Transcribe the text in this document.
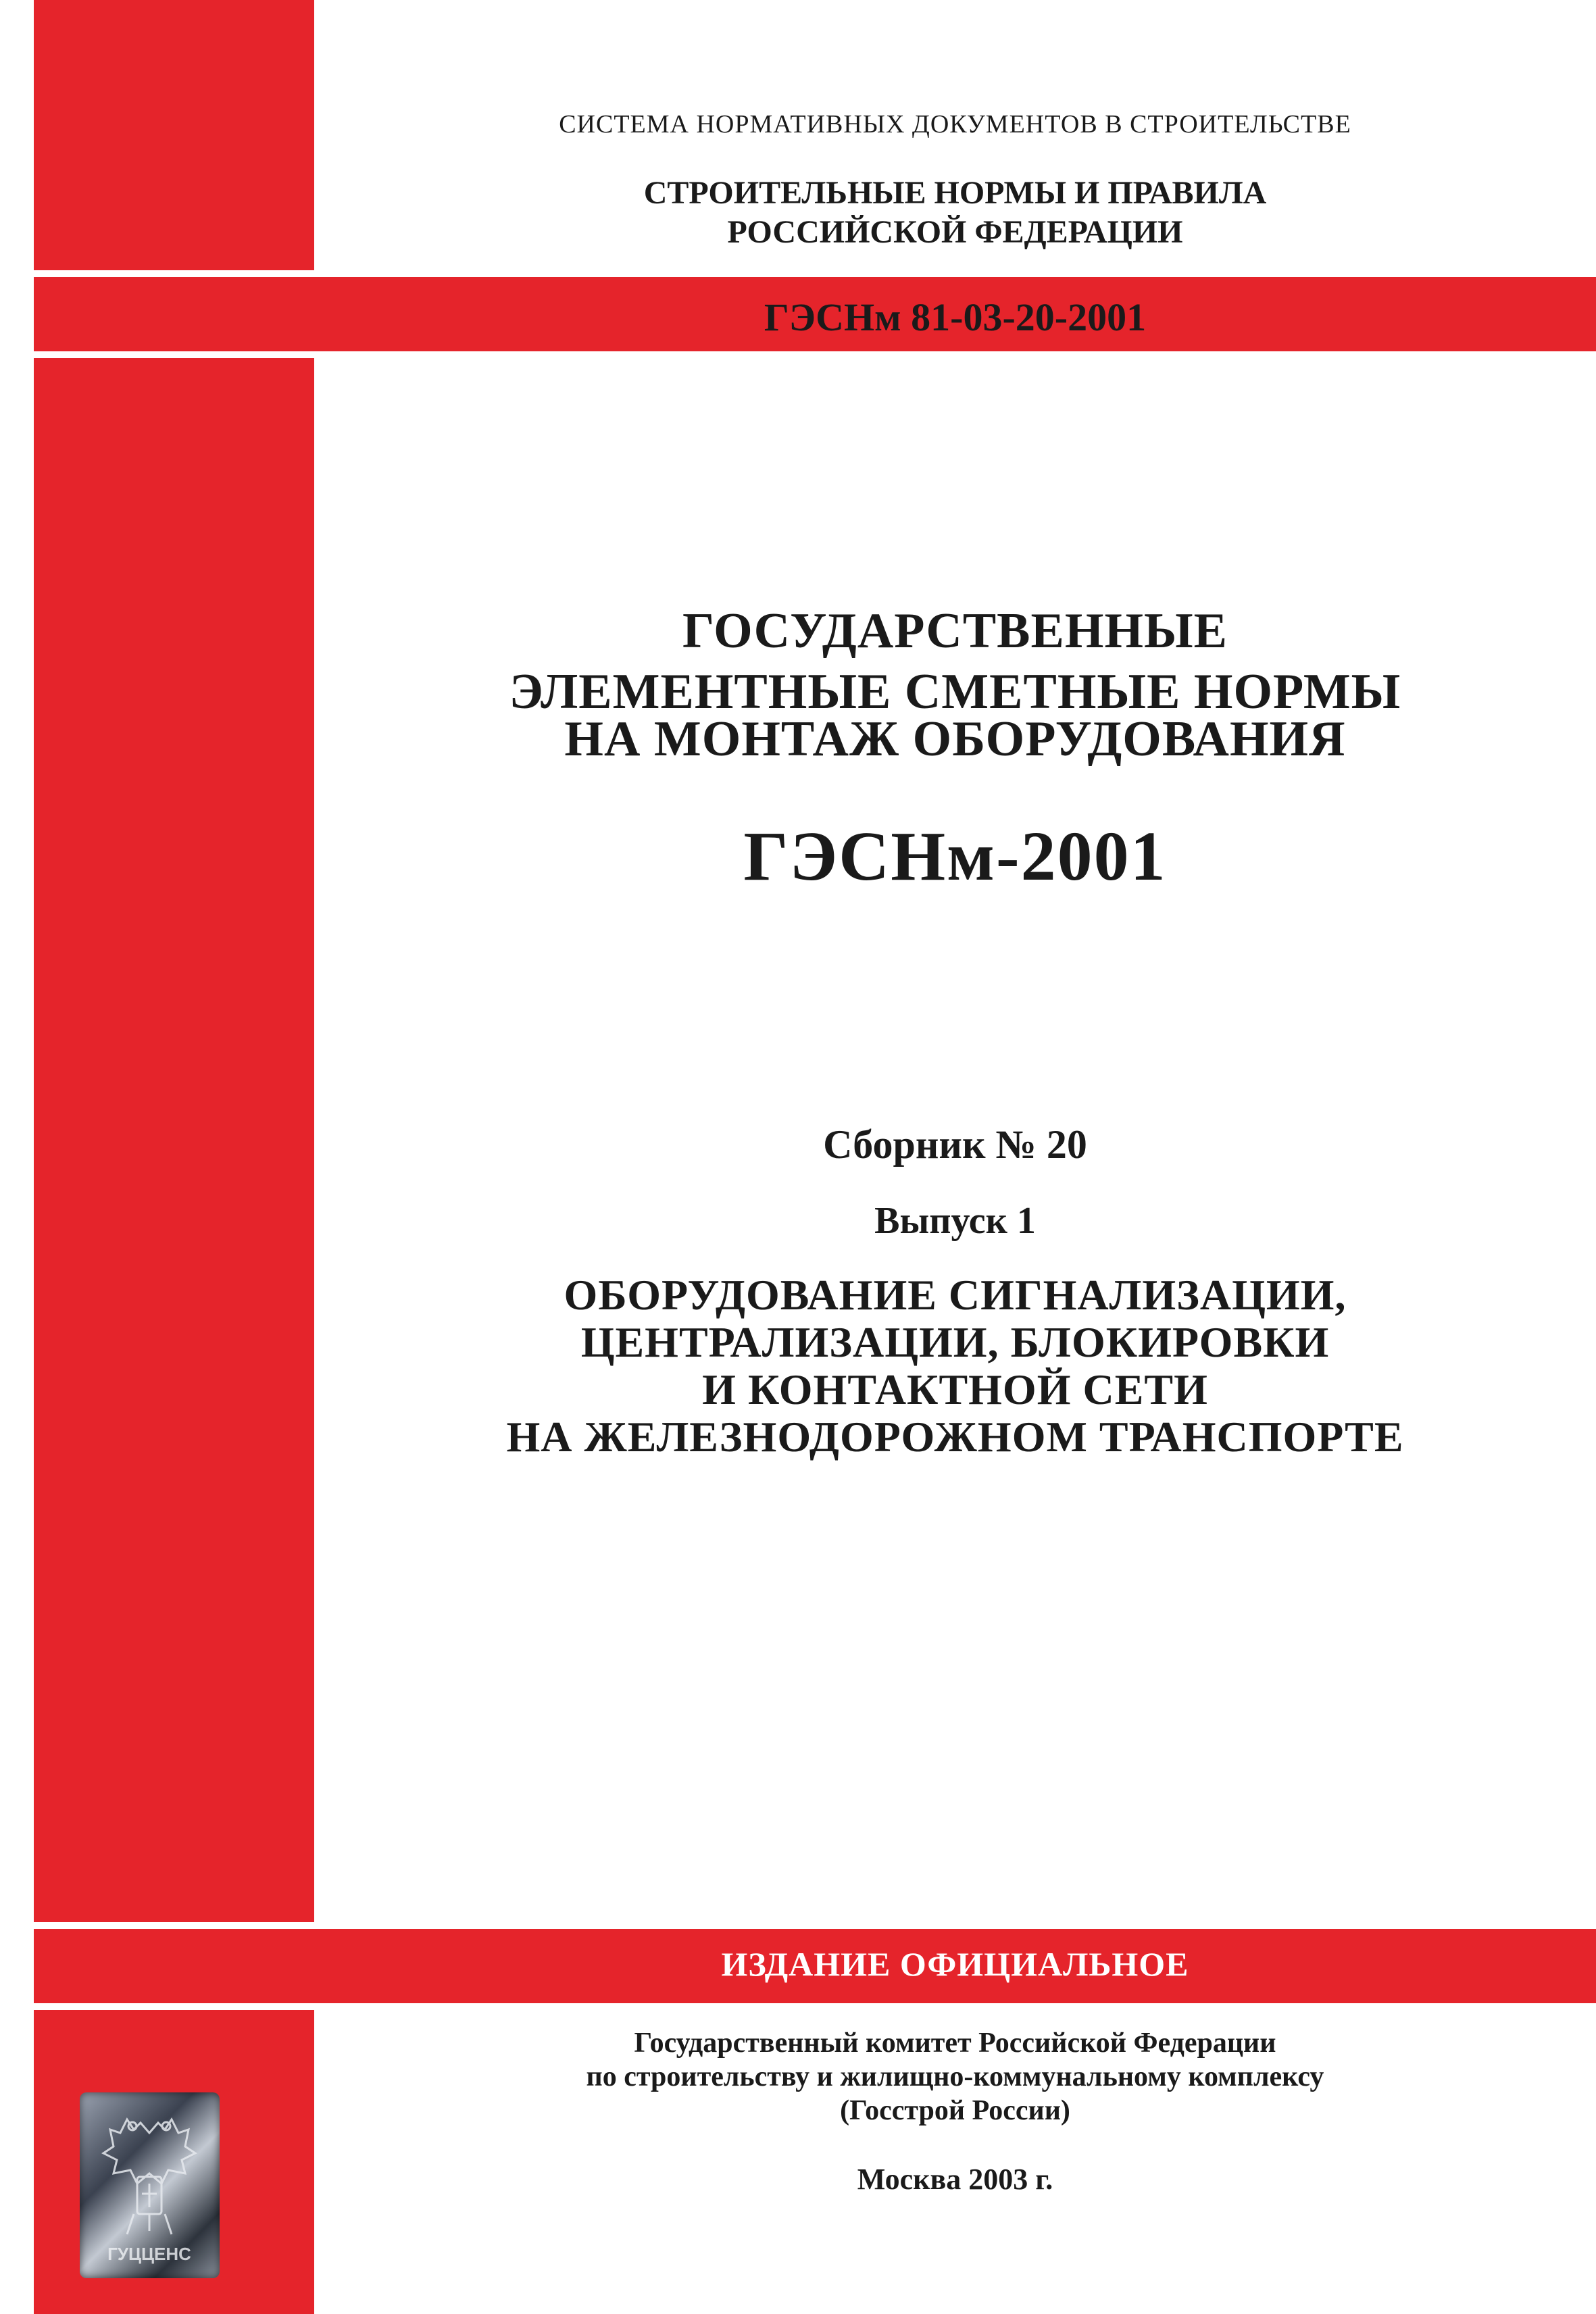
СИСТЕМА НОРМАТИВНЫХ ДОКУМЕНТОВ В СТРОИТЕЛЬСТВЕ
СТРОИТЕЛЬНЫЕ НОРМЫ И ПРАВИЛА
РОССИЙСКОЙ ФЕДЕРАЦИИ
ГЭСНм 81-03-20-2001
ГОСУДАРСТВЕННЫЕ
ЭЛЕМЕНТНЫЕ СМЕТНЫЕ НОРМЫ
НА МОНТАЖ ОБОРУДОВАНИЯ
ГЭСНм-2001
Сборник № 20
Выпуск 1
ОБОРУДОВАНИЕ СИГНАЛИЗАЦИИ,
ЦЕНТРАЛИЗАЦИИ, БЛОКИРОВКИ
И КОНТАКТНОЙ СЕТИ
НА ЖЕЛЕЗНОДОРОЖНОМ ТРАНСПОРТЕ
ИЗДАНИЕ ОФИЦИАЛЬНОЕ
Государственный комитет Российской Федерации
по строительству и жилищно-коммунальному комплексу
(Госстрой России)
Москва 2003 г.
ГУЦЦЕНС
